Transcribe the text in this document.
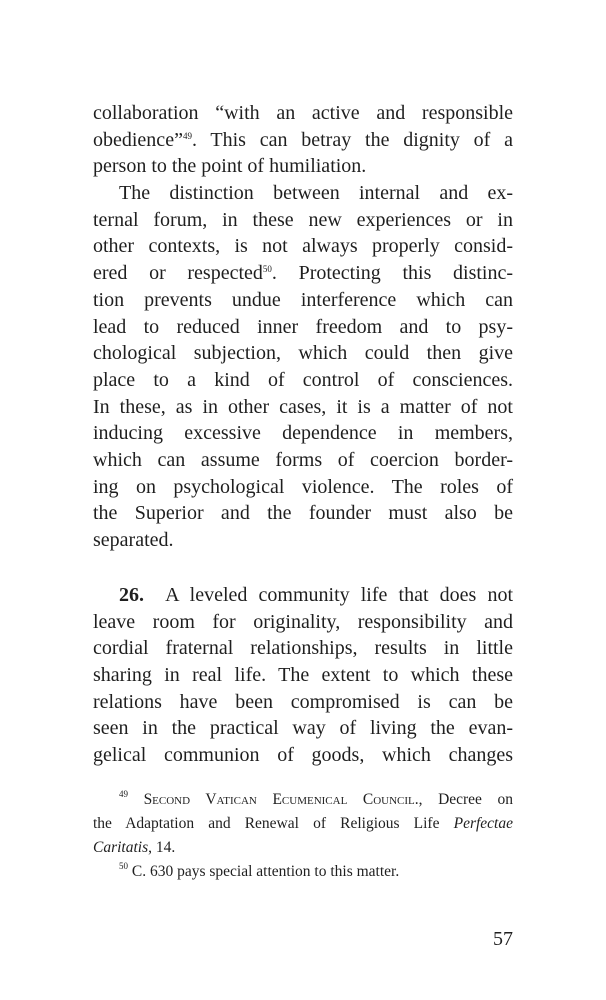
collaboration “with an active and responsible
obedience”$^{49}$. This can betray the dignity of a
person to the point of humiliation.
The distinction between internal and ex-
ternal forum, in these new experiences or in
other contexts, is not always properly consid-
ered or respected$^{50}$. Protecting this distinc-
tion prevents undue interference which can
lead to reduced inner freedom and to psy-
chological subjection, which could then give
place to a kind of control of consciences.
In these, as in other cases, it is a matter of not
inducing excessive dependence in members,
which can assume forms of coercion border-
ing on psychological violence. The roles of
the Superior and the founder must also be
separated.
26. A leveled community life that does not
leave room for originality, responsibility and
cordial fraternal relationships, results in little
sharing in real life. The extent to which these
relations have been compromised is can be
seen in the practical way of living the evan-
gelical communion of goods, which changes
$^{49}$ Second Vatican Ecumenical Council., Decree on
the Adaptation and Renewal of Religious Life Perfectae
Caritatis, 14.
$^{50}$ C. 630 pays special attention to this matter.
57
